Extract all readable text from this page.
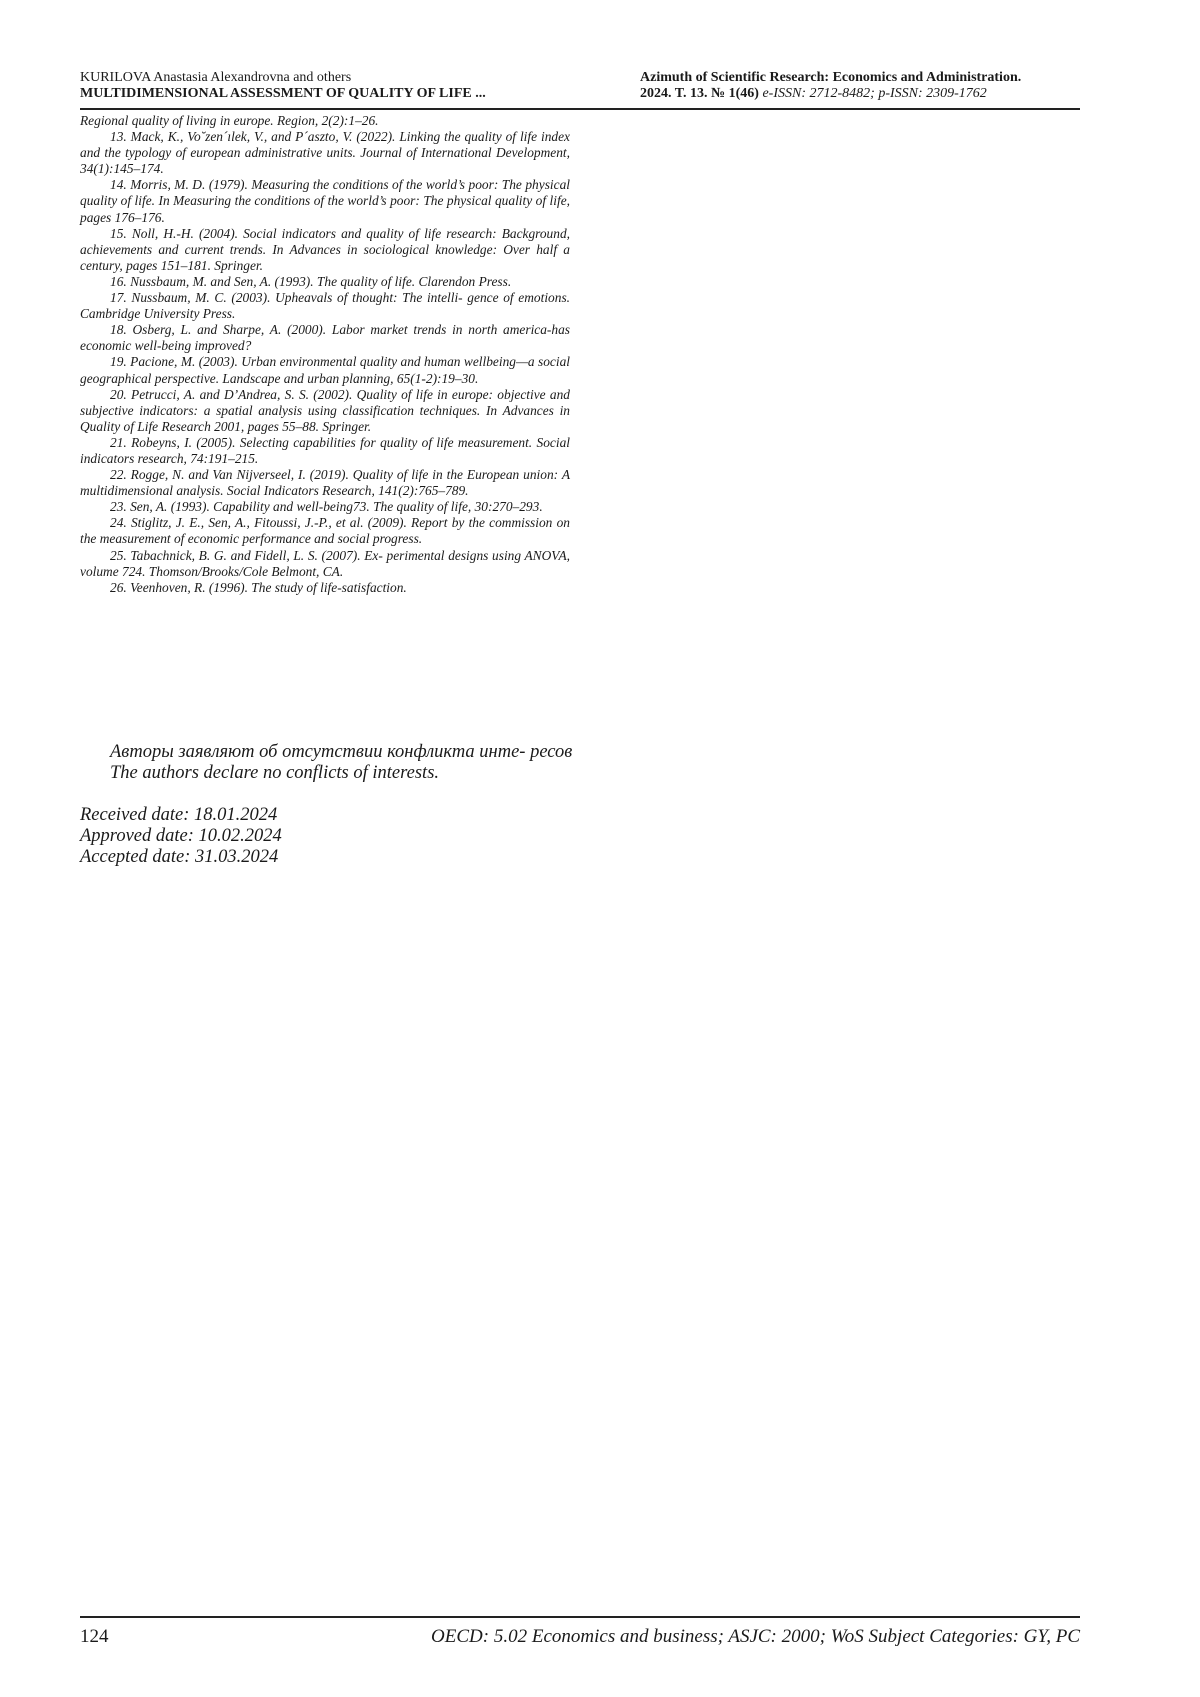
KURILOVA Anastasia Alexandrovna and others
MULTIDIMENSIONAL ASSESSMENT OF QUALITY OF LIFE ...
Azimuth of Scientific Research: Economics and Administration.
2024. T. 13. № 1(46) e-ISSN: 2712-8482; p-ISSN: 2309-1762

Regional quality of living in europe. Region, 2(2):1–26.

13. Mack, K., Vo˘zen´ılek, V., and P´aszto, V. (2022). Linking the quality of life index and the typology of european administrative units. Journal of International Development, 34(1):145–174.

14. Morris, M. D. (1979). Measuring the conditions of the world’s poor: The physical quality of life. In Measuring the conditions of the world’s poor: The physical quality of life, pages 176–176.

15. Noll, H.-H. (2004). Social indicators and quality of life research: Background, achievements and current trends. In Advances in sociological knowledge: Over half a century, pages 151–181. Springer.

16. Nussbaum, M. and Sen, A. (1993). The quality of life. Clarendon Press.

17. Nussbaum, M. C. (2003). Upheavals of thought: The intelli- gence of emotions. Cambridge University Press.

18. Osberg, L. and Sharpe, A. (2000). Labor market trends in north america-has economic well-being improved?

19. Pacione, M. (2003). Urban environmental quality and human wellbeing—a social geographical perspective. Landscape and urban planning, 65(1-2):19–30.

20. Petrucci, A. and D’Andrea, S. S. (2002). Quality of life in europe: objective and subjective indicators: a spatial analysis using classification techniques. In Advances in Quality of Life Research 2001, pages 55–88. Springer.

21. Robeyns, I. (2005). Selecting capabilities for quality of life measurement. Social indicators research, 74:191–215.

22. Rogge, N. and Van Nijverseel, I. (2019). Quality of life in the European union: A multidimensional analysis. Social Indicators Research, 141(2):765–789.

23. Sen, A. (1993). Capability and well-being73. The quality of life, 30:270–293.

24. Stiglitz, J. E., Sen, A., Fitoussi, J.-P., et al. (2009). Report by the commission on the measurement of economic performance and social progress.

25. Tabachnick, B. G. and Fidell, L. S. (2007). Ex- perimental designs using ANOVA, volume 724. Thomson/Brooks/Cole Belmont, CA.

26. Veenhoven, R. (1996). The study of life-satisfaction.

Авторы заявляют об отсутствии конфликта инте- ресов

The authors declare no conflicts of interests.

Received date: 18.01.2024
Approved date: 10.02.2024
Accepted date: 31.03.2024

124	OECD: 5.02 Economics and business; ASJC: 2000; WoS Subject Categories: GY, PC
